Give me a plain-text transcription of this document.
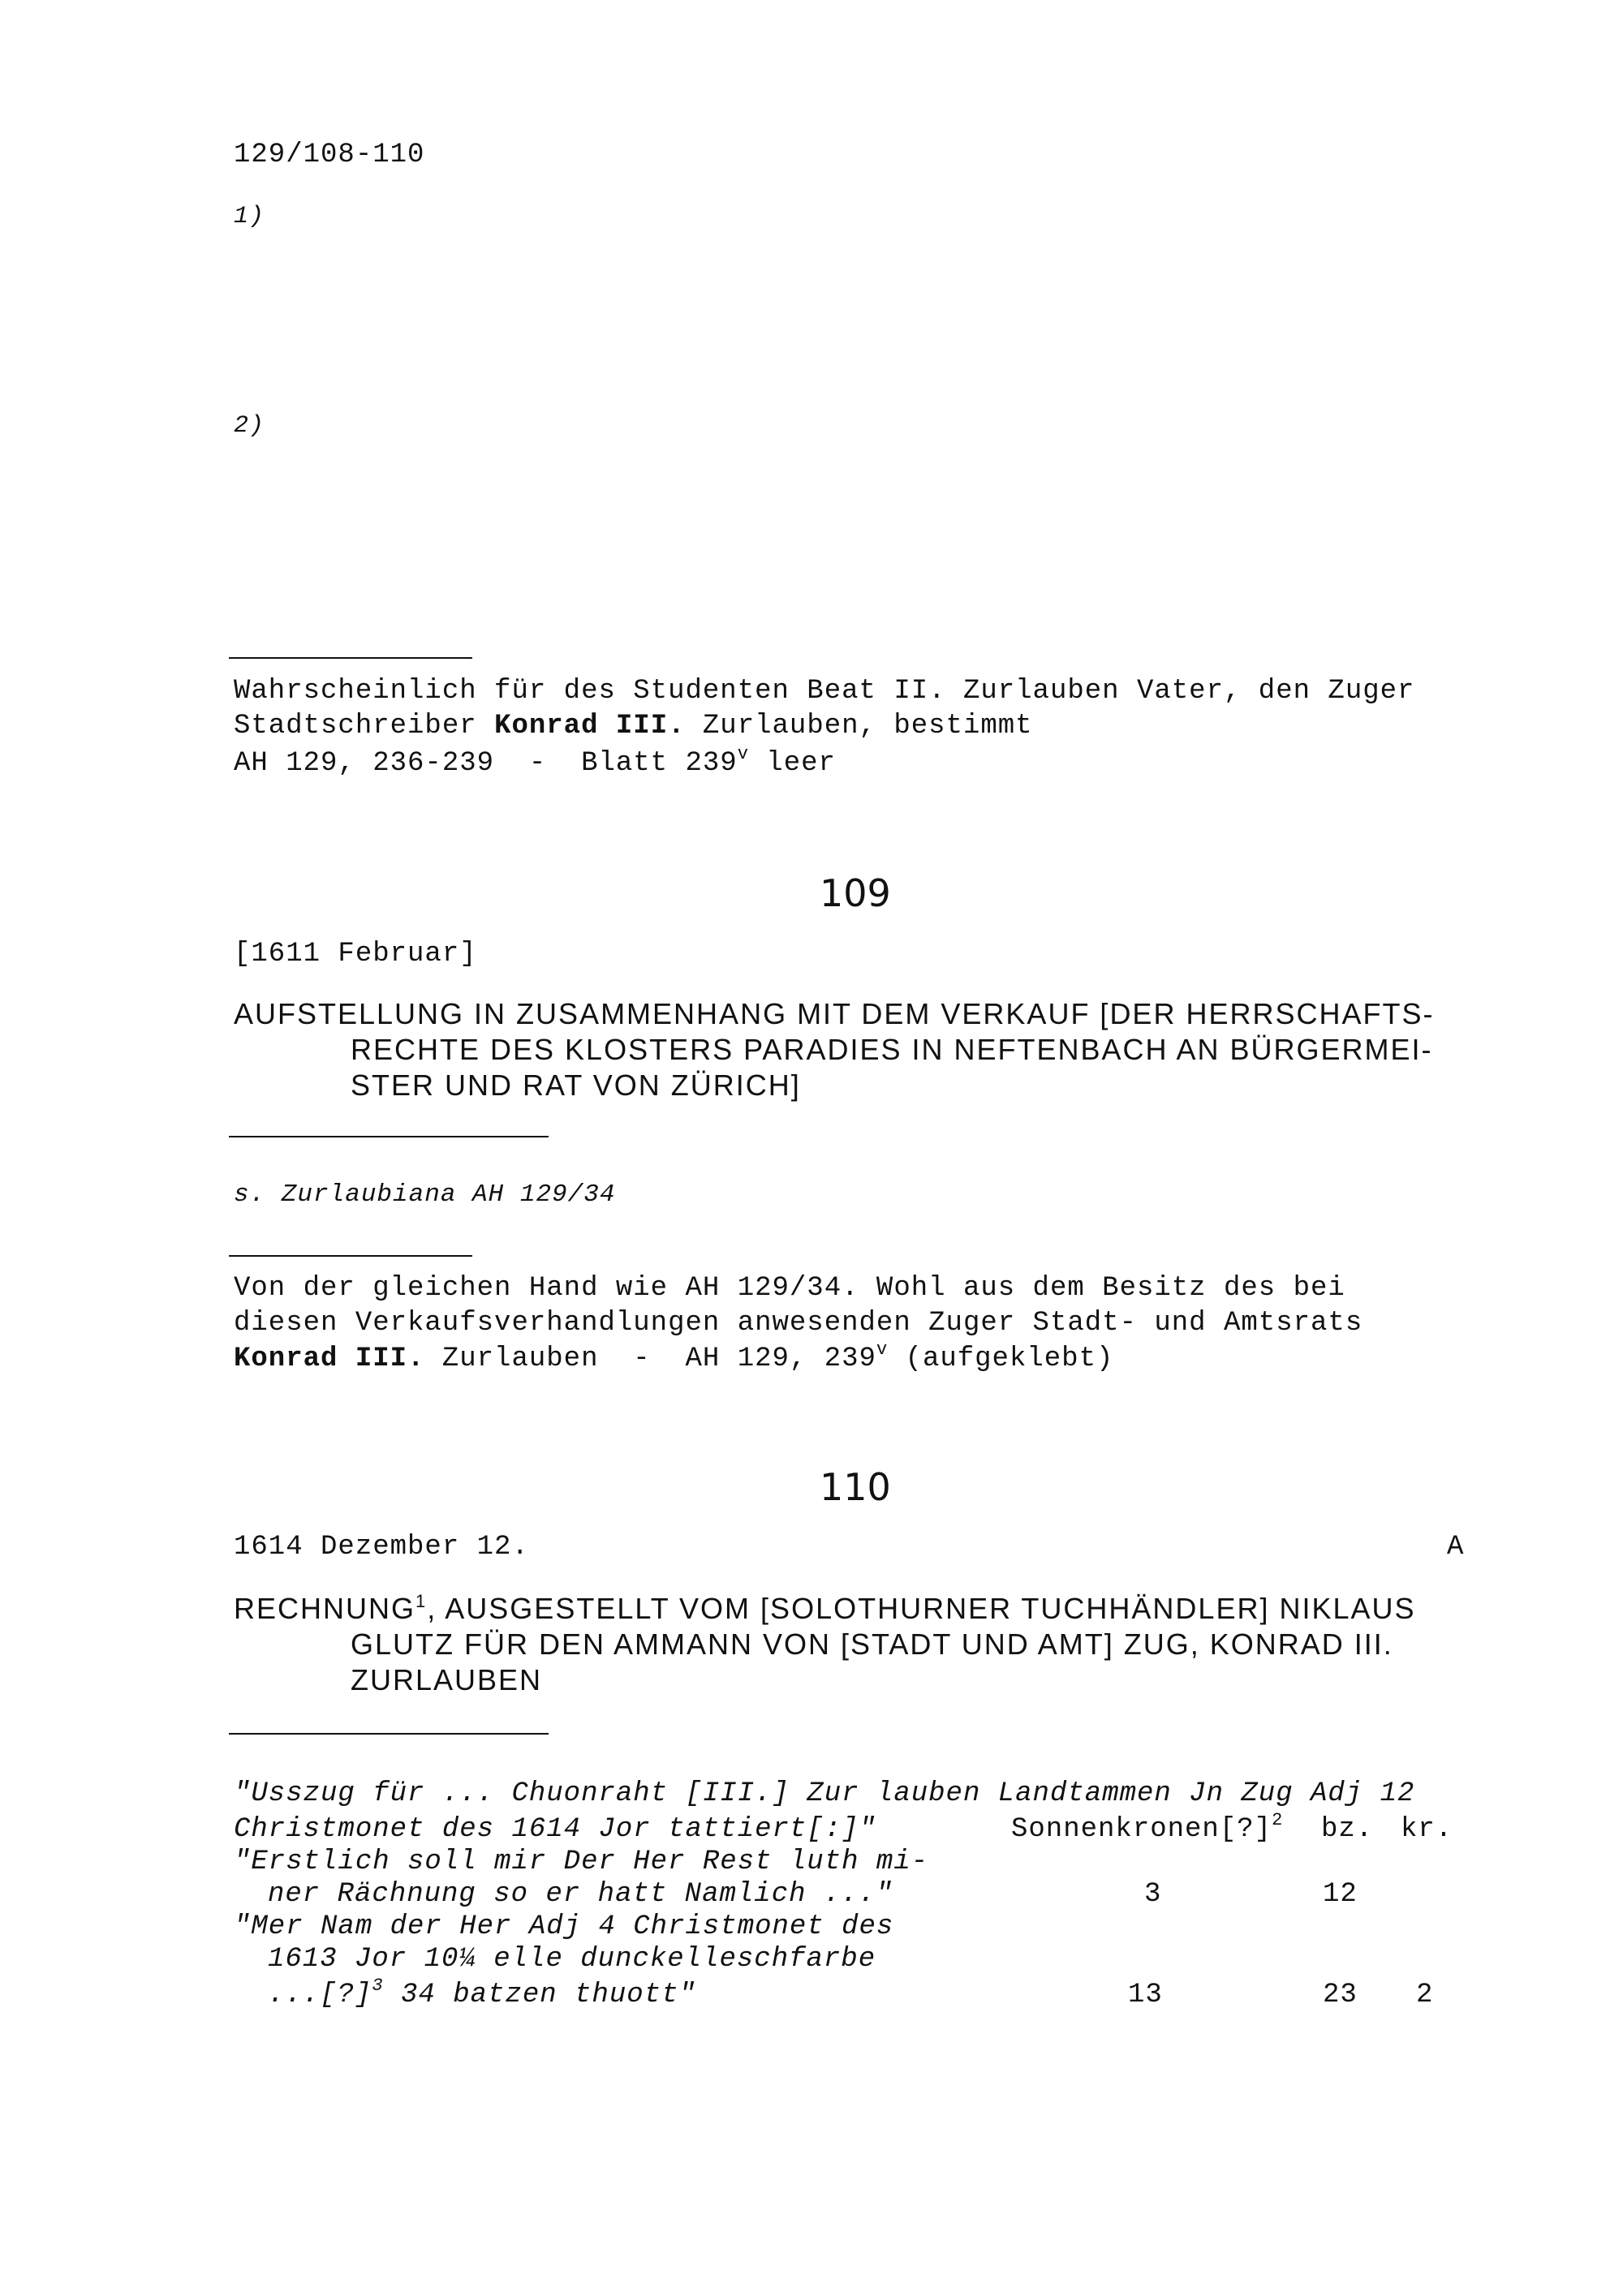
129/108-110
1)
2)
Wahrscheinlich für des Studenten Beat II. Zurlauben Vater, den Zuger
Stadtschreiber Konrad III. Zurlauben, bestimmt
AH 129, 236-239  -  Blatt 239$^v$ leer
109
[1611 Februar]
AUFSTELLUNG IN ZUSAMMENHANG MIT DEM VERKAUF [DER HERRSCHAFTS-
RECHTE DES KLOSTERS PARADIES IN NEFTENBACH AN BÜRGERMEI-
STER UND RAT VON ZÜRICH]
s. Zurlaubiana AH 129/34
Von der gleichen Hand wie AH 129/34. Wohl aus dem Besitz des bei
diesen Verkaufsverhandlungen anwesenden Zuger Stadt- und Amtsrats
Konrad III. Zurlauben  -  AH 129, 239$^v$ (aufgeklebt)
110
1614 Dezember 12.	A
RECHNUNG$^1$, AUSGESTELLT VOM [SOLOTHURNER TUCHHÄNDLER] NIKLAUS
GLUTZ FÜR DEN AMMANN VON [STADT UND AMT] ZUG, KONRAD III.
ZURLAUBEN
"Usszug für ... Chuonraht [III.] Zur lauben Landtammen Jn Zug Adj 12
Christmonet des 1614 Jor tattiert[:]"	Sonnenkronen[?]$^2$ bz. kr.
"Erstlich soll mir Der Her Rest luth mi-
ner Rächnung so er hatt Namlich ..."	3	12
"Mer Nam der Her Adj 4 Christmonet des
1613 Jor 10¼ elle dunckelleschfarbe
...[?]$^3$ 34 batzen thuott"	13	23 2
